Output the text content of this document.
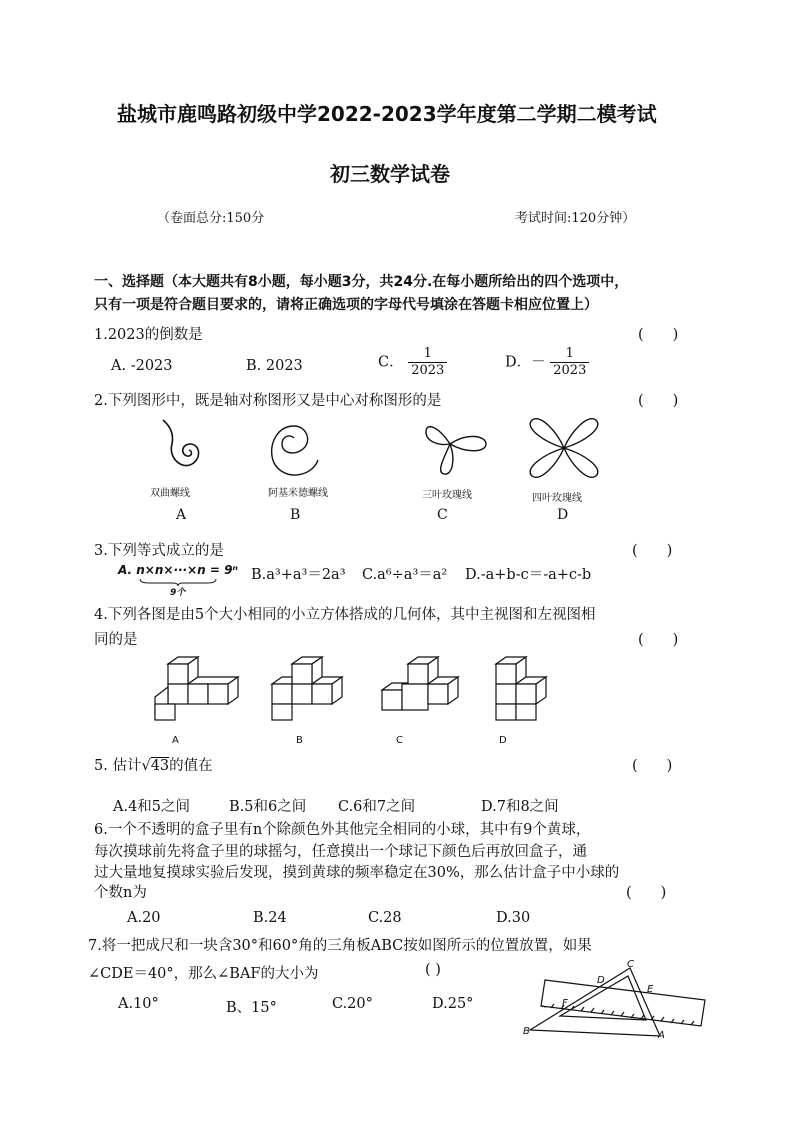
盐城市鹿鸣路初级中学2022-2023学年度第二学期二模考试
初三数学试卷
（卷面总分:150分	考试时间:120分钟）
一、选择题（本大题共有8小题，每小题3分，共24分.在每小题所给出的四个选项中，
只有一项是符合题目要求的，请将正确选项的字母代号填涂在答题卡相应位置上）
1.2023的倒数是	(　　)
A. -2023	B. 2023	C． $\frac{1}{2023}$	D．－ $\frac{1}{2023}$
2.下列图形中，既是轴对称图形又是中心对称图形的是	(　　)
双曲螺线	阿基米德螺线	三叶玫瑰线	四叶玫瑰线
A	B	C	D
3.下列等式成立的是	(　　)
A. n×n×···×n = 9ⁿ
9个
B.a³+a³＝2a³ C.a⁶÷a³＝a² D.-a+b-c＝-a+c-b
4.下列各图是由5个大小相同的小立方体搭成的几何体，其中主视图和左视图相
同的是	(　　)
A	B	C	D
5. 估计√43的值在	(　　)
A.4和5之间	B.5和6之间 C.6和7之间	D.7和8之间
6.一个不透明的盒子里有n个除颜色外其他完全相同的小球，其中有9个黄球，
每次摸球前先将盒子里的球摇匀，任意摸出一个球记下颜色后再放回盒子，通
过大量地复摸球实验后发现，摸到黄球的频率稳定在30%，那么估计盒子中小球的
个数n为	(　　)
A.20	B.24	C.28	D.30
7.将一把成尺和一块含30°和60°角的三角板ABC按如图所示的位置放置，如果
∠CDE＝40°，那么∠BAF的大小为	( )
A.10°	B、15°	C.20°	D.25°
C
D
E
F
B	A
